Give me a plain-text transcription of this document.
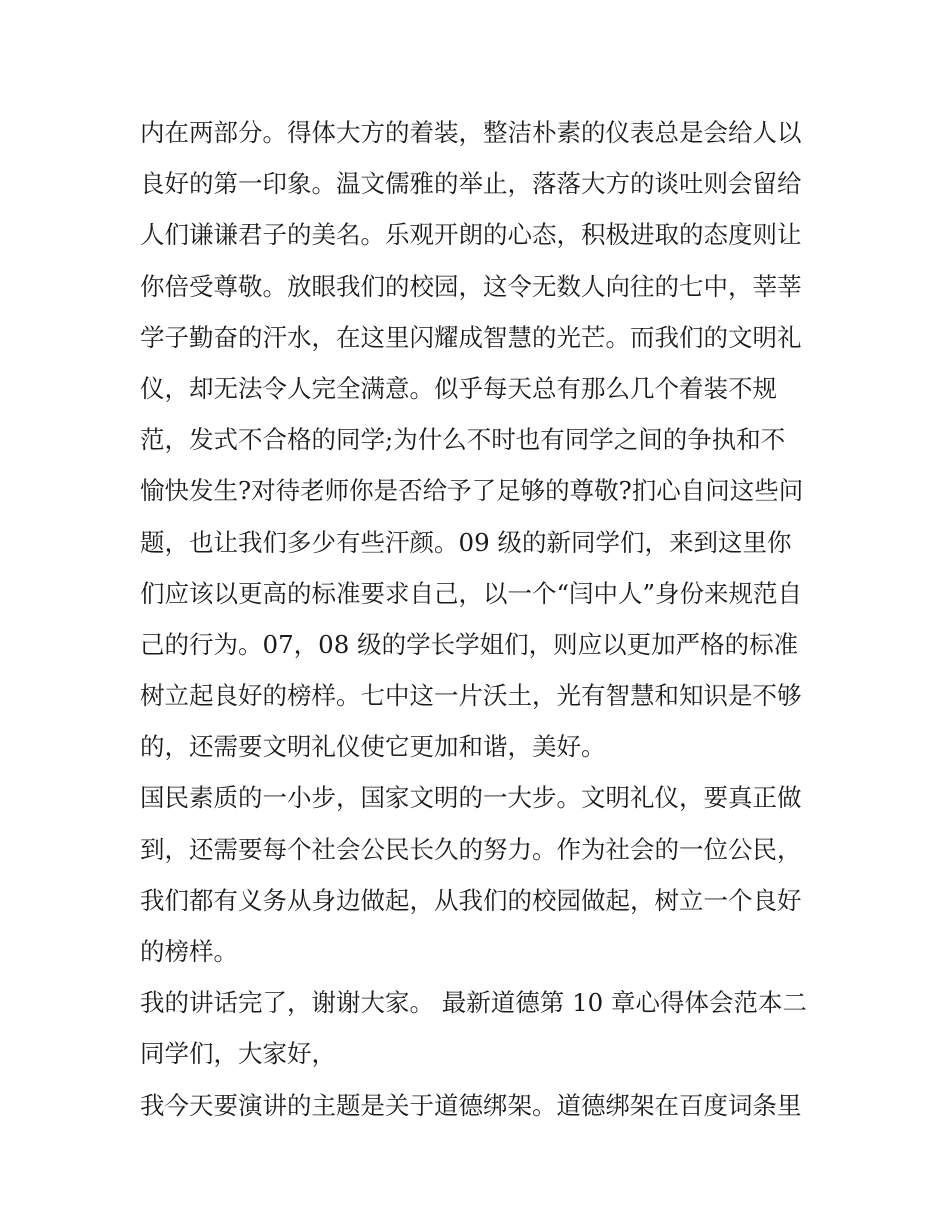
内在两部分。得体大方的着装，整洁朴素的仪表总是会给人以
良好的第一印象。温文儒雅的举止，落落大方的谈吐则会留给
人们谦谦君子的美名。乐观开朗的心态，积极进取的态度则让
你倍受尊敬。放眼我们的校园，这令无数人向往的七中，莘莘
学子勤奋的汗水，在这里闪耀成智慧的光芒。而我们的文明礼
仪，却无法令人完全满意。似乎每天总有那么几个着装不规
范，发式不合格的同学;为什么不时也有同学之间的争执和不
愉快发生?对待老师你是否给予了足够的尊敬?扪心自问这些问
题，也让我们多少有些汗颜。09 级的新同学们，来到这里你
们应该以更高的标准要求自己，以一个“闫中人”身份来规范自
己的行为。07，08 级的学长学姐们，则应以更加严格的标准
树立起良好的榜样。七中这一片沃土，光有智慧和知识是不够
的，还需要文明礼仪使它更加和谐，美好。
国民素质的一小步，国家文明的一大步。文明礼仪，要真正做
到，还需要每个社会公民长久的努力。作为社会的一位公民，
我们都有义务从身边做起，从我们的校园做起，树立一个良好
的榜样。
我的讲话完了，谢谢大家。 最新道德第 10 章心得体会范本二
同学们，大家好，
我今天要演讲的主题是关于道德绑架。道德绑架在百度词条里
